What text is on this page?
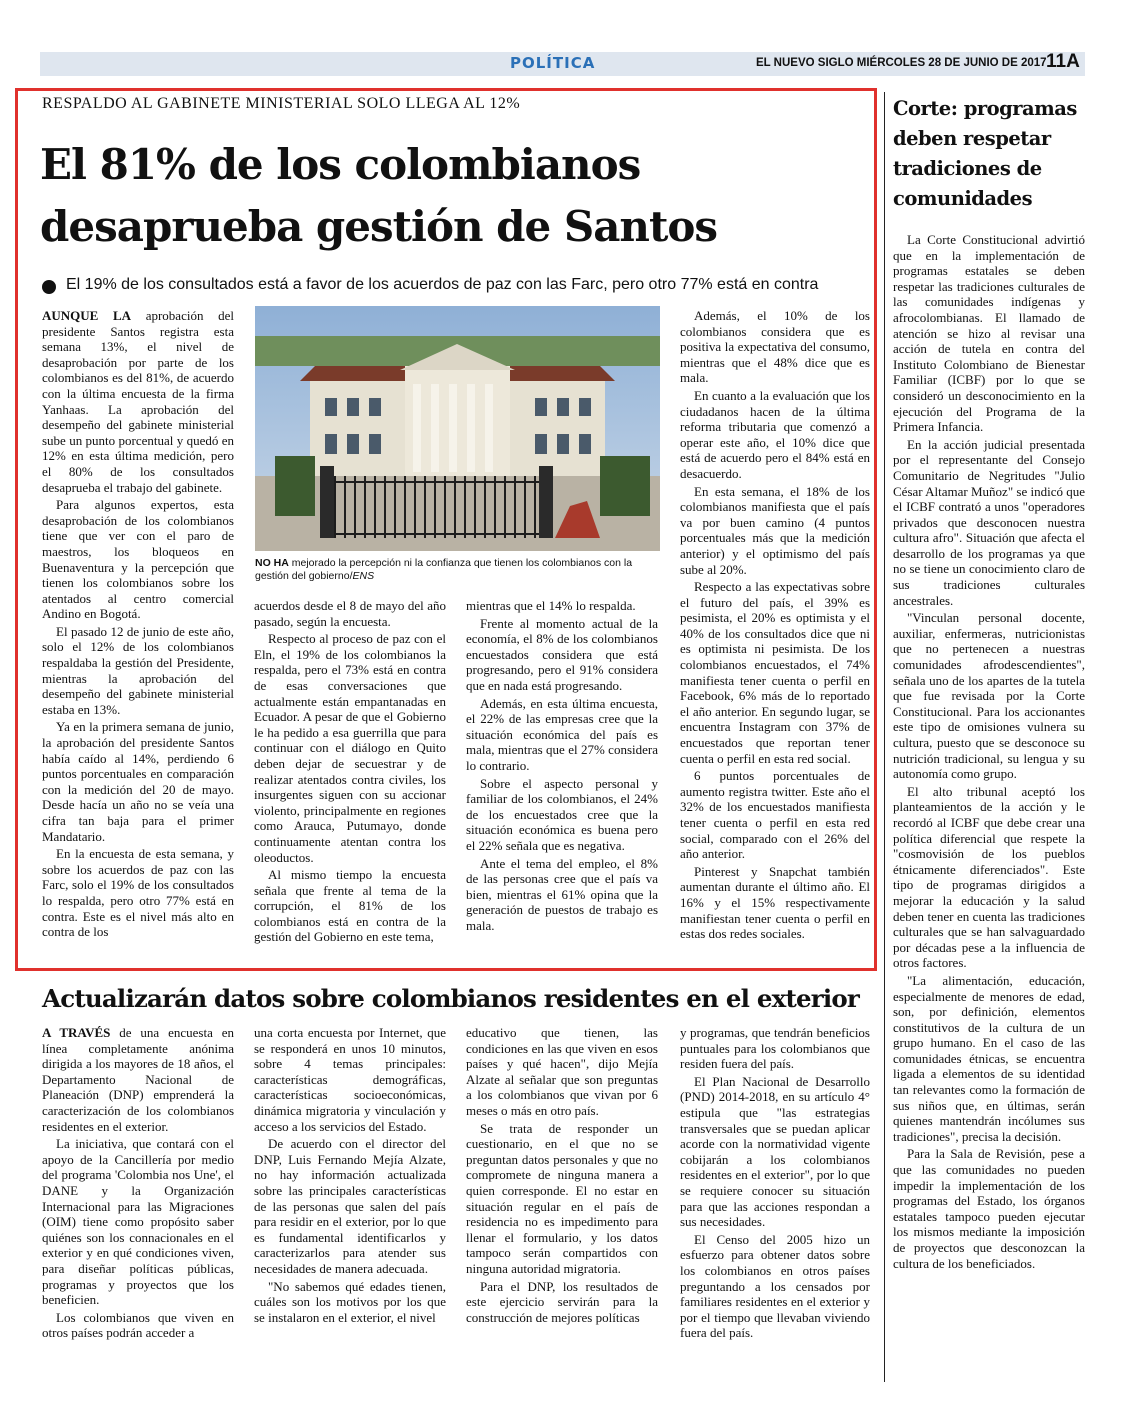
POLÍTICA	EL NUEVO SIGLO MIÉRCOLES 28 DE JUNIO DE 2017 11A
RESPALDO AL GABINETE MINISTERIAL SOLO LLEGA AL 12%
El 81% de los colombianos desaprueba gestión de Santos
El 19% de los consultados está a favor de los acuerdos de paz con las Farc, pero otro 77% está en contra

AUNQUE LA aprobación del presidente Santos registra esta semana 13%, el nivel de desaprobación por parte de los colombianos es del 81%, de acuerdo con la última encuesta de la firma Yanhaas. La aprobación del desempeño del gabinete ministerial sube un punto porcentual y quedó en 12% en esta última medición, pero el 80% de los consultados desaprueba el trabajo del gabinete.

Para algunos expertos, esta desaprobación de los colombianos tiene que ver con el paro de maestros, los bloqueos en Buenaventura y la percepción que tienen los colombianos sobre los atentados al centro comercial Andino en Bogotá.

El pasado 12 de junio de este año, solo el 12% de los colombianos respaldaba la gestión del Presidente, mientras la aprobación del desempeño del gabinete ministerial estaba en 13%.

Ya en la primera semana de junio, la aprobación del presidente Santos había caído al 14%, perdiendo 6 puntos porcentuales en comparación con la medición del 20 de mayo. Desde hacía un año no se veía una cifra tan baja para el primer Mandatario.

En la encuesta de esta semana, y sobre los acuerdos de paz con las Farc, solo el 19% de los consultados lo respalda, pero otro 77% está en contra. Este es el nivel más alto en contra de los

acuerdos desde el 8 de mayo del año pasado, según la encuesta.

Respecto al proceso de paz con el Eln, el 19% de los colombianos la respalda, pero el 73% está en contra de esas conversaciones que actualmente están empantanadas en Ecuador. A pesar de que el Gobierno le ha pedido a esa guerrilla que para continuar con el diálogo en Quito deben dejar de secuestrar y de realizar atentados contra civiles, los insurgentes siguen con su accionar violento, principalmente en regiones como Arauca, Putumayo, donde continuamente atentan contra los oleoductos.

Al mismo tiempo la encuesta señala que frente al tema de la corrupción, el 81% de los colombianos está en contra de la gestión del Gobierno en este tema,

mientras que el 14% lo respalda.

Frente al momento actual de la economía, el 8% de los colombianos encuestados considera que está progresando, pero el 91% considera que en nada está progresando.

Además, en esta última encuesta, el 22% de las empresas cree que la situación económica del país es mala, mientras que el 27% considera lo contrario.

Sobre el aspecto personal y familiar de los colombianos, el 24% de los encuestados cree que la situación económica es buena pero el 22% señala que es negativa.

Ante el tema del empleo, el 8% de las personas cree que el país va bien, mientras el 61% opina que la generación de puestos de trabajo es mala.

Además, el 10% de los colombianos considera que es positiva la expectativa del consumo, mientras que el 48% dice que es mala.

En cuanto a la evaluación que los ciudadanos hacen de la última reforma tributaria que comenzó a operar este año, el 10% dice que está de acuerdo pero el 84% está en desacuerdo.

En esta semana, el 18% de los colombianos manifiesta que el país va por buen camino (4 puntos porcentuales más que la medición anterior) y el optimismo del país sube al 20%.

Respecto a las expectativas sobre el futuro del país, el 39% es pesimista, el 20% es optimista y el 40% de los consultados dice que ni es optimista ni pesimista. De los colombianos encuestados, el 74% manifiesta tener cuenta o perfil en Facebook, 6% más de lo reportado el año anterior. En segundo lugar, se encuentra Instagram con 37% de encuestados que reportan tener cuenta o perfil en esta red social.

6 puntos porcentuales de aumento registra twitter. Este año el 32% de los encuestados manifiesta tener cuenta o perfil en esta red social, comparado con el 26% del año anterior.

Pinterest y Snapchat también aumentan durante el último año. El 16% y el 15% respectivamente manifiestan tener cuenta o perfil en estas dos redes sociales.

NO HA mejorado la percepción ni la confianza que tienen los colombianos con la gestión del gobierno/ENS
Corte: programas deben respetar tradiciones de comunidades

La Corte Constitucional advirtió que en la implementación de programas estatales se deben respetar las tradiciones culturales de las comunidades indígenas y afrocolombianas. El llamado de atención se hizo al revisar una acción de tutela en contra del Instituto Colombiano de Bienestar Familiar (ICBF) por lo que se consideró un desconocimiento en la ejecución del Programa de la Primera Infancia.

En la acción judicial presentada por el representante del Consejo Comunitario de Negritudes "Julio César Altamar Muñoz" se indicó que el ICBF contrató a unos "operadores privados que desconocen nuestra cultura afro". Situación que afecta el desarrollo de los programas ya que no se tiene un conocimiento claro de sus tradiciones culturales ancestrales.

"Vinculan personal docente, auxiliar, enfermeras, nutricionistas que no pertenecen a nuestras comunidades afrodescendientes", señala uno de los apartes de la tutela que fue revisada por la Corte Constitucional. Para los accionantes este tipo de omisiones vulnera su cultura, puesto que se desconoce su nutrición tradicional, su lengua y su autonomía como grupo.

El alto tribunal aceptó los planteamientos de la acción y le recordó al ICBF que debe crear una política diferencial que respete la "cosmovisión de los pueblos étnicamente diferenciados". Este tipo de programas dirigidos a mejorar la educación y la salud deben tener en cuenta las tradiciones culturales que se han salvaguardado por décadas pese a la influencia de otros factores.

"La alimentación, educación, especialmente de menores de edad, son, por definición, elementos constitutivos de la cultura de un grupo humano. En el caso de las comunidades étnicas, se encuentra ligada a elementos de su identidad tan relevantes como la formación de sus niños que, en últimas, serán quienes mantendrán incólumes sus tradiciones", precisa la decisión.

Para la Sala de Revisión, pese a que las comunidades no pueden impedir la implementación de los programas del Estado, los órganos estatales tampoco pueden ejecutar los mismos mediante la imposición de proyectos que desconozcan la cultura de los beneficiados.

Actualizarán datos sobre colombianos residentes en el exterior

A TRAVÉS de una encuesta en línea completamente anónima dirigida a los mayores de 18 años, el Departamento Nacional de Planeación (DNP) emprenderá la caracterización de los colombianos residentes en el exterior.

La iniciativa, que contará con el apoyo de la Cancillería por medio del programa 'Colombia nos Une', el DANE y la Organización Internacional para las Migraciones (OIM) tiene como propósito saber quiénes son los connacionales en el exterior y en qué condiciones viven, para diseñar políticas públicas, programas y proyectos que los beneficien.

Los colombianos que viven en otros países podrán acceder a

una corta encuesta por Internet, que se responderá en unos 10 minutos, sobre 4 temas principales: características demográficas, características socioeconómicas, dinámica migratoria y vinculación y acceso a los servicios del Estado.

De acuerdo con el director del DNP, Luis Fernando Mejía Alzate, no hay información actualizada sobre las principales características de las personas que salen del país para residir en el exterior, por lo que es fundamental identificarlos y caracterizarlos para atender sus necesidades de manera adecuada.

"No sabemos qué edades tienen, cuáles son los motivos por los que se instalaron en el exterior, el nivel

educativo que tienen, las condiciones en las que viven en esos países y qué hacen", dijo Mejía Alzate al señalar que son preguntas a los colombianos que vivan por 6 meses o más en otro país.

Se trata de responder un cuestionario, en el que no se preguntan datos personales y que no compromete de ninguna manera a quien corresponde. El no estar en situación regular en el país de residencia no es impedimento para llenar el formulario, y los datos tampoco serán compartidos con ninguna autoridad migratoria.

Para el DNP, los resultados de este ejercicio servirán para la construcción de mejores políticas

y programas, que tendrán beneficios puntuales para los colombianos que residen fuera del país.

El Plan Nacional de Desarrollo (PND) 2014-2018, en su artículo 4° estipula que "las estrategias transversales que se puedan aplicar acorde con la normatividad vigente cobijarán a los colombianos residentes en el exterior", por lo que se requiere conocer su situación para que las acciones respondan a sus necesidades.

El Censo del 2005 hizo un esfuerzo para obtener datos sobre los colombianos en otros países preguntando a los censados por familiares residentes en el exterior y por el tiempo que llevaban viviendo fuera del país.
